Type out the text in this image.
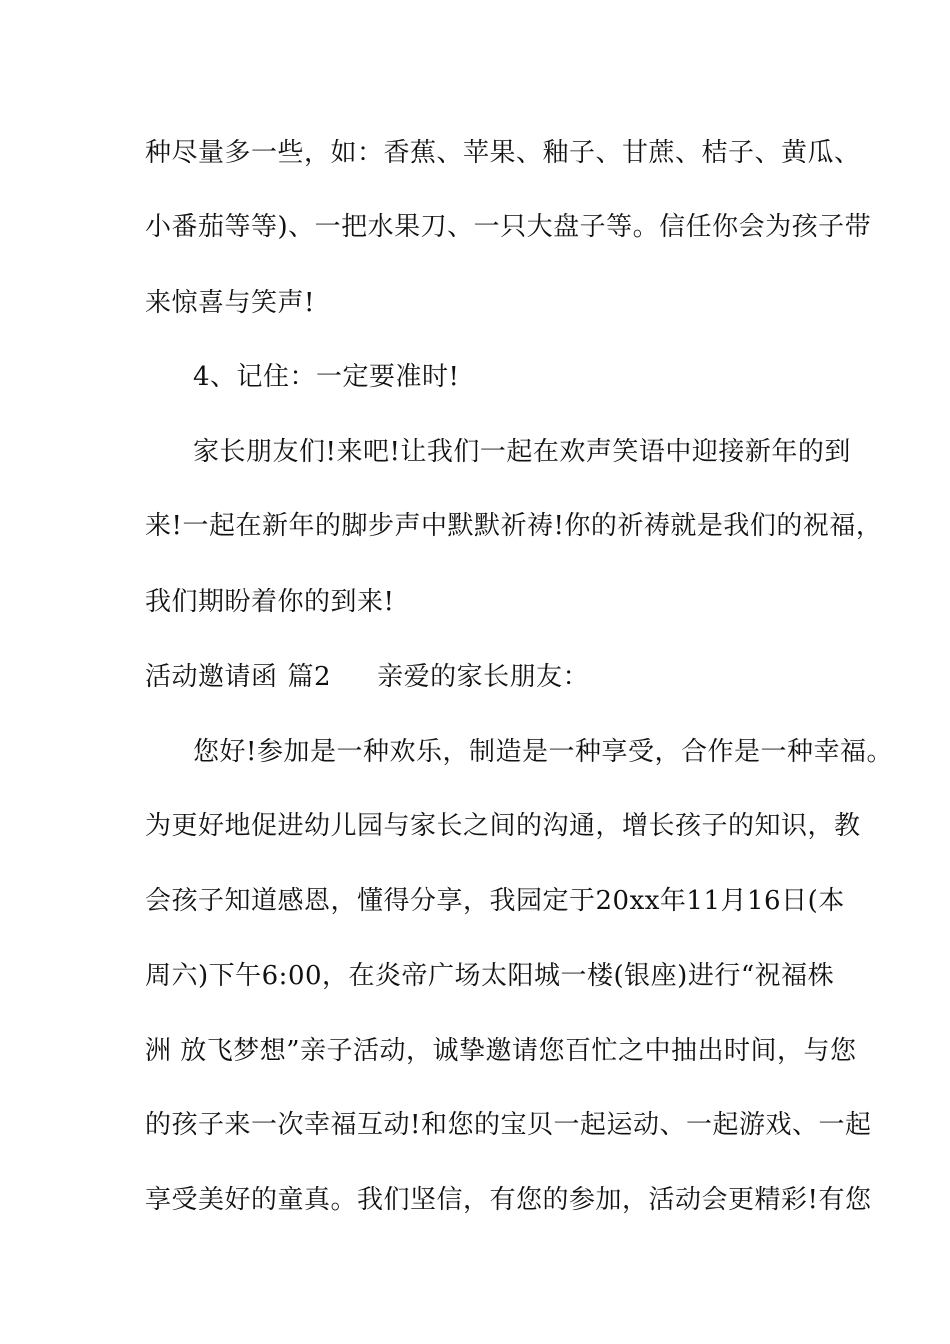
种尽量多一些，如：香蕉、苹果、釉子、甘蔗、桔子、黄瓜、
小番茄等等)、一把水果刀、一只大盘子等。信任你会为孩子带
来惊喜与笑声!
4、记住：一定要准时!
家长朋友们!来吧!让我们一起在欢声笑语中迎接新年的到
来!一起在新年的脚步声中默默祈祷!你的祈祷就是我们的祝福，
我们期盼着你的到来!
活动邀请函 篇2 亲爱的家长朋友：
您好!参加是一种欢乐，制造是一种享受，合作是一种幸福。
为更好地促进幼儿园与家长之间的沟通，增长孩子的知识，教
会孩子知道感恩，懂得分享，我园定于20xx年11月16日(本
周六)下午6:00，在炎帝广场太阳城一楼(银座)进行“祝福株
洲 放飞梦想”亲子活动，诚挚邀请您百忙之中抽出时间，与您
的孩子来一次幸福互动!和您的宝贝一起运动、一起游戏、一起
享受美好的童真。我们坚信，有您的参加，活动会更精彩!有您
